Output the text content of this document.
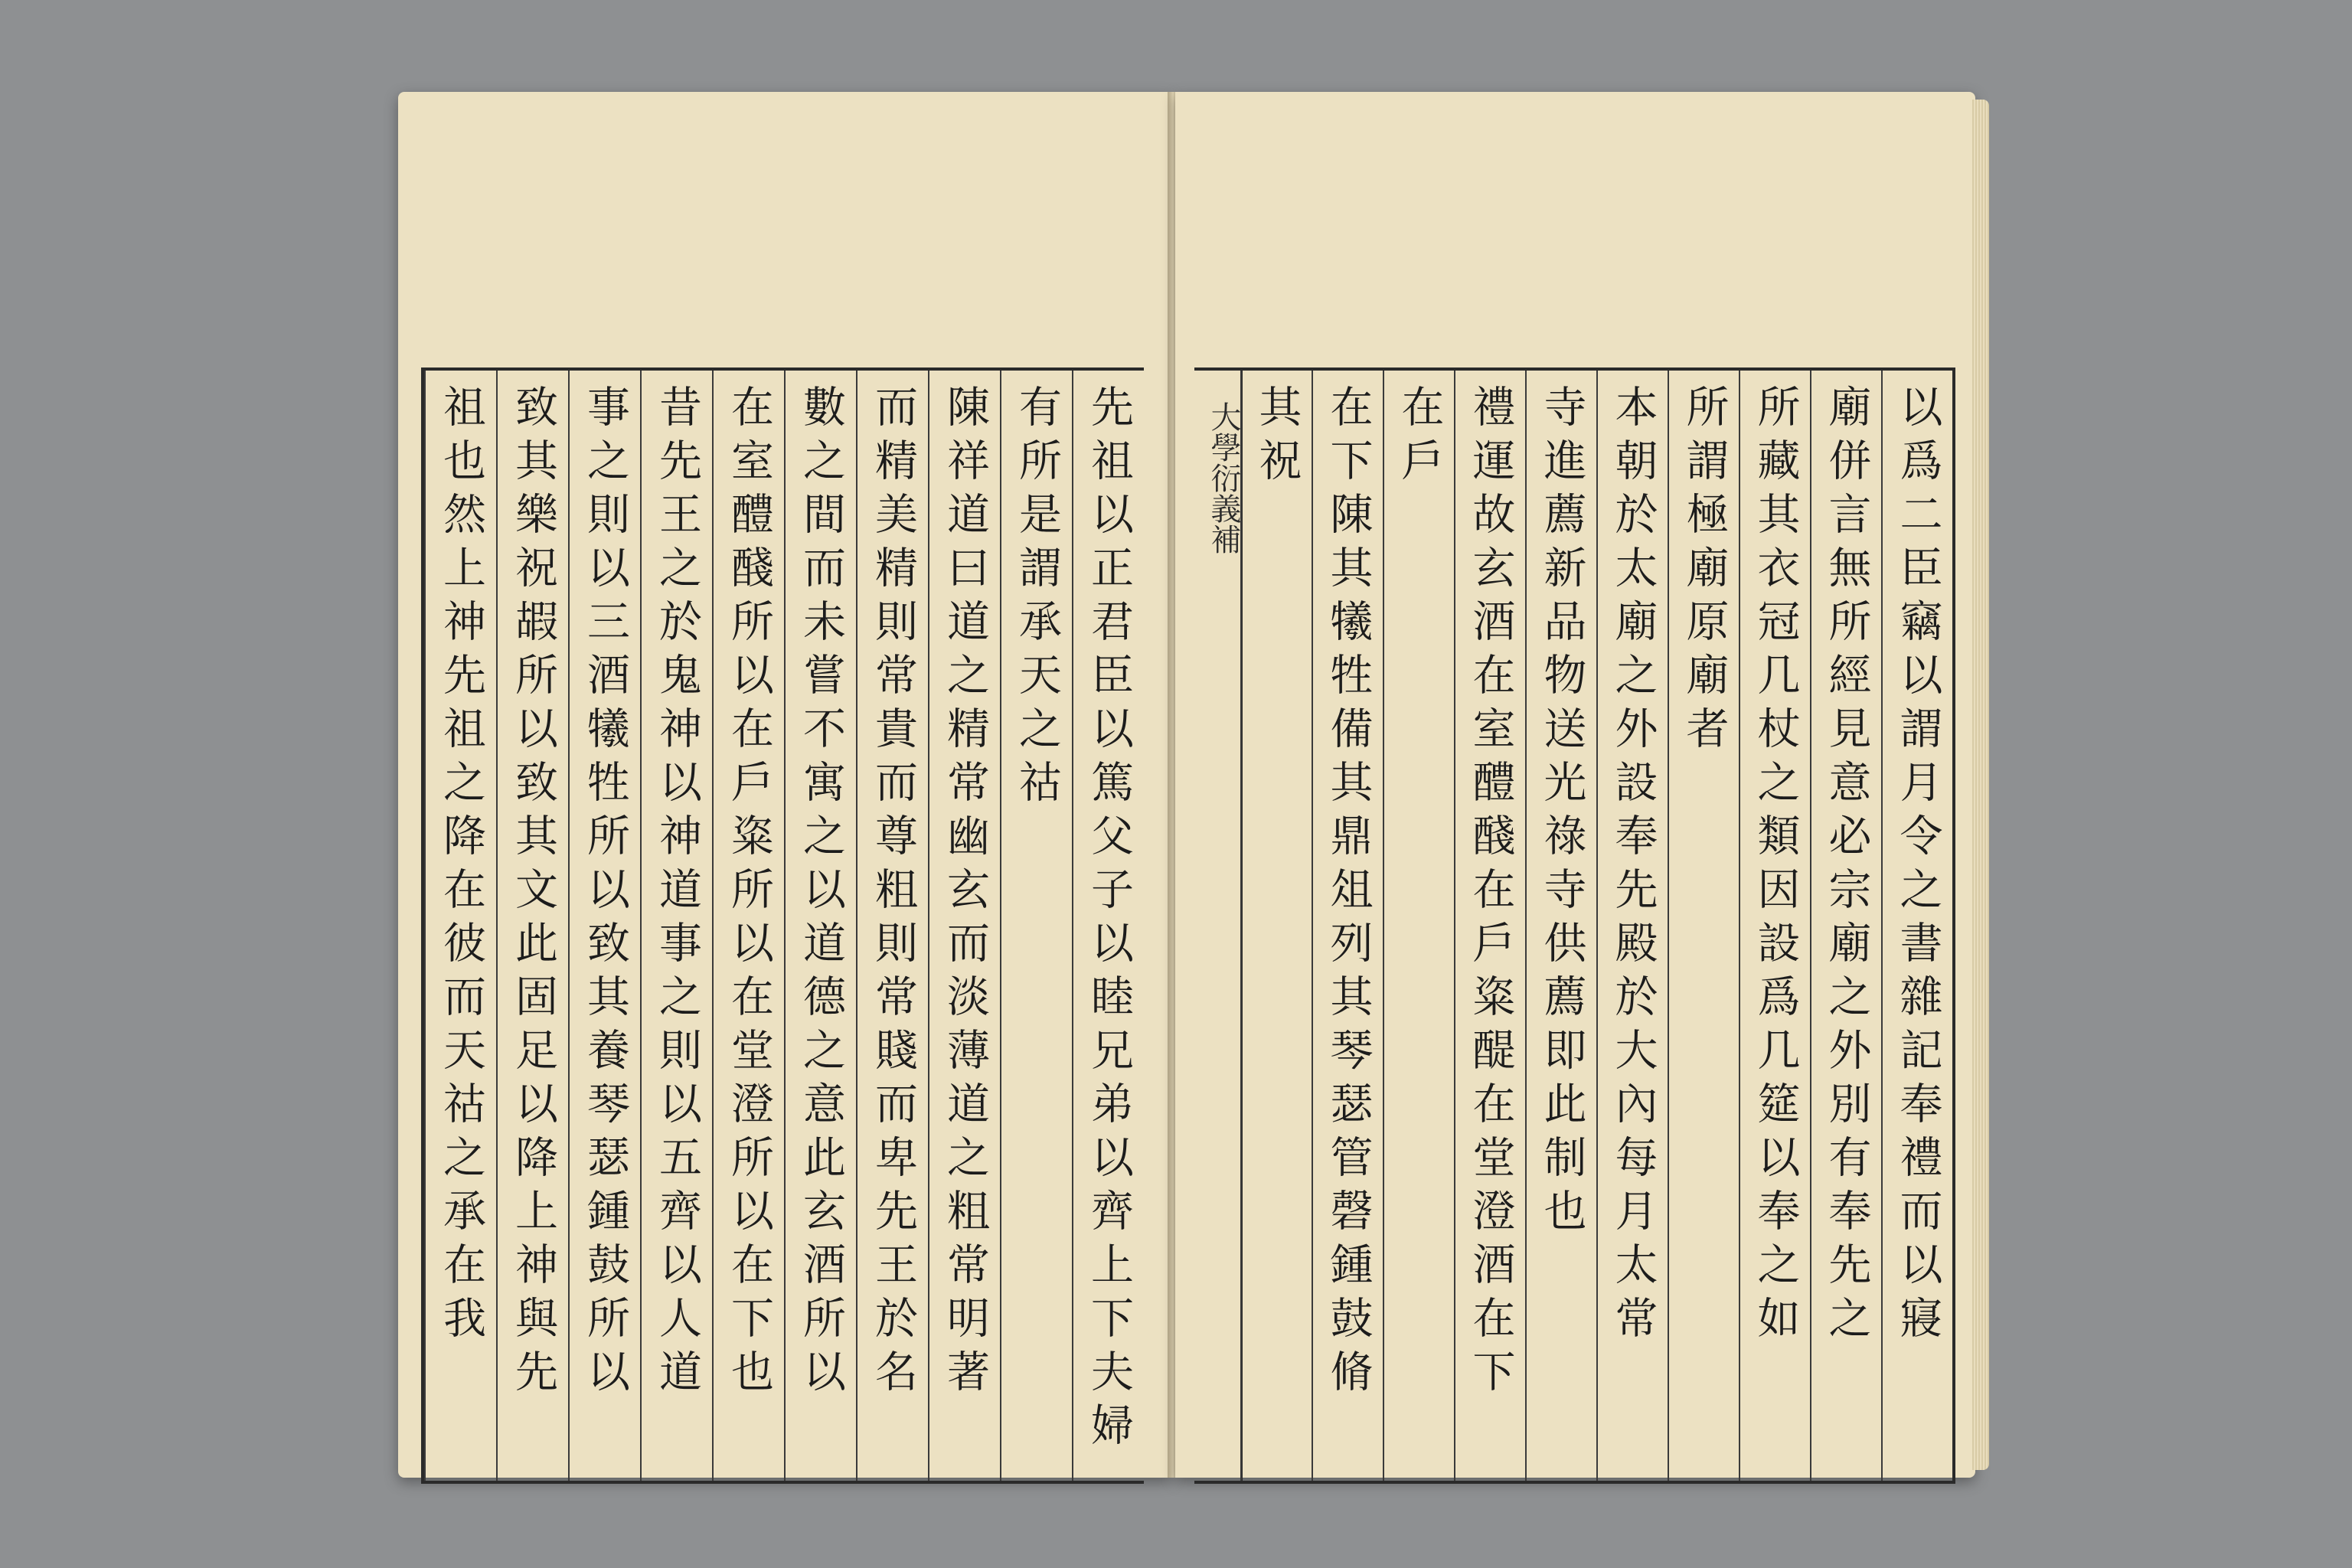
先祖以正君臣以篤父子以睦兄弟以齊上下夫婦
有所是謂承天之祜
陳祥道曰道之精常幽玄而淡薄道之粗常明著
而精美精則常貴而尊粗則常賤而卑先王於名
數之間而未嘗不寓之以道德之意此玄酒所以
在室醴醆所以在戶粢所以在堂澄所以在下也
昔先王之於鬼神以神道事之則以五齊以人道
事之則以三酒犧牲所以致其養琴瑟鍾鼓所以
致其樂祝嘏所以致其文此固足以降上神與先
祖也然上神先祖之降在彼而天祜之承在我	大學衍義補	以爲二臣竊以謂月令之書雜記奉禮而以寢
廟併言無所經見意必宗廟之外別有奉先之
所藏其衣冠几杖之類因設爲几筵以奉之如
所謂極廟原廟者
本朝於太廟之外設奉先殿於大內每月太常
寺進薦新品物送光祿寺供薦即此制也
禮運故玄酒在室醴醆在戶粢醍在堂澄酒在下
在戶
在下陳其犧牲備其鼎俎列其琴瑟管磬鍾鼓脩
其祝
